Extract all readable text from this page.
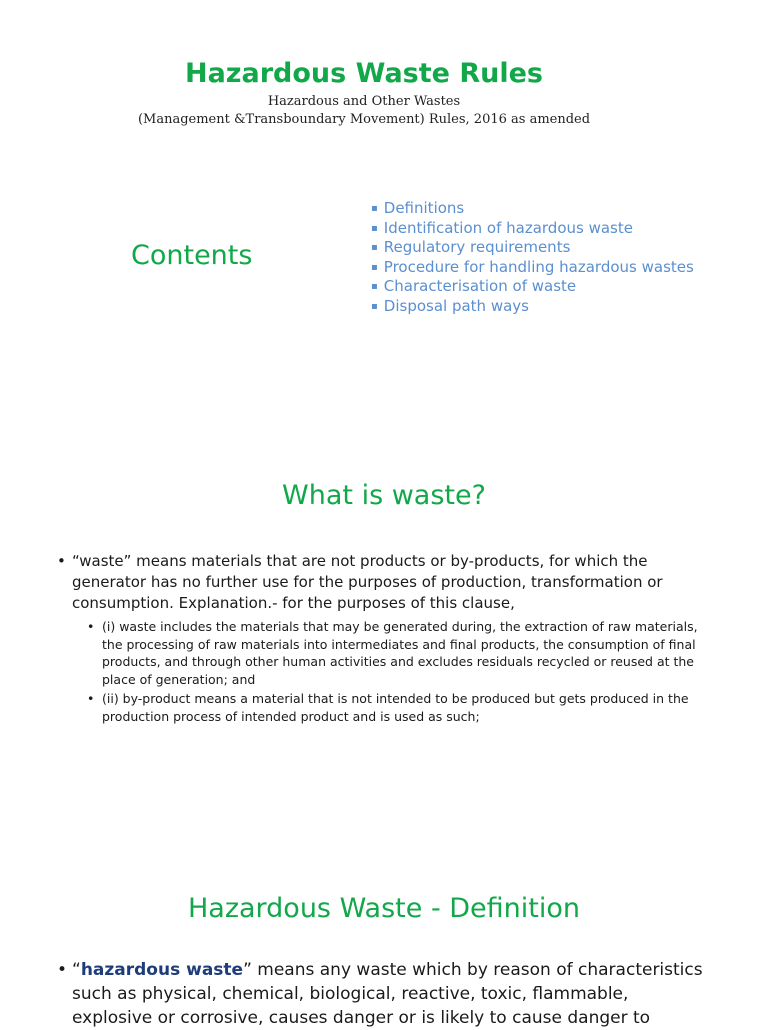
Hazardous Waste Rules
Hazardous and Other Wastes
(Management &Transboundary Movement) Rules, 2016 as amended
Contents
▪ Definitions
▪ Identification of hazardous waste
▪ Regulatory requirements
▪ Procedure for handling hazardous wastes
▪ Characterisation of waste
▪ Disposal path ways
What is waste?
• “waste” means materials that are not products or by-products, for which the generator has no further use for the purposes of production, transformation or consumption. Explanation.- for the purposes of this clause,
• (i) waste includes the materials that may be generated during, the extraction of raw materials, the processing of raw materials into intermediates and final products, the consumption of final products, and through other human activities and excludes residuals recycled or reused at the place of generation; and
• (ii) by-product means a material that is not intended to be produced but gets produced in the production process of intended product and is used as such;
Hazardous Waste - Definition
• “hazardous waste” means any waste which by reason of characteristics such as physical, chemical, biological, reactive, toxic, flammable, explosive or corrosive, causes danger or is likely to cause danger to
